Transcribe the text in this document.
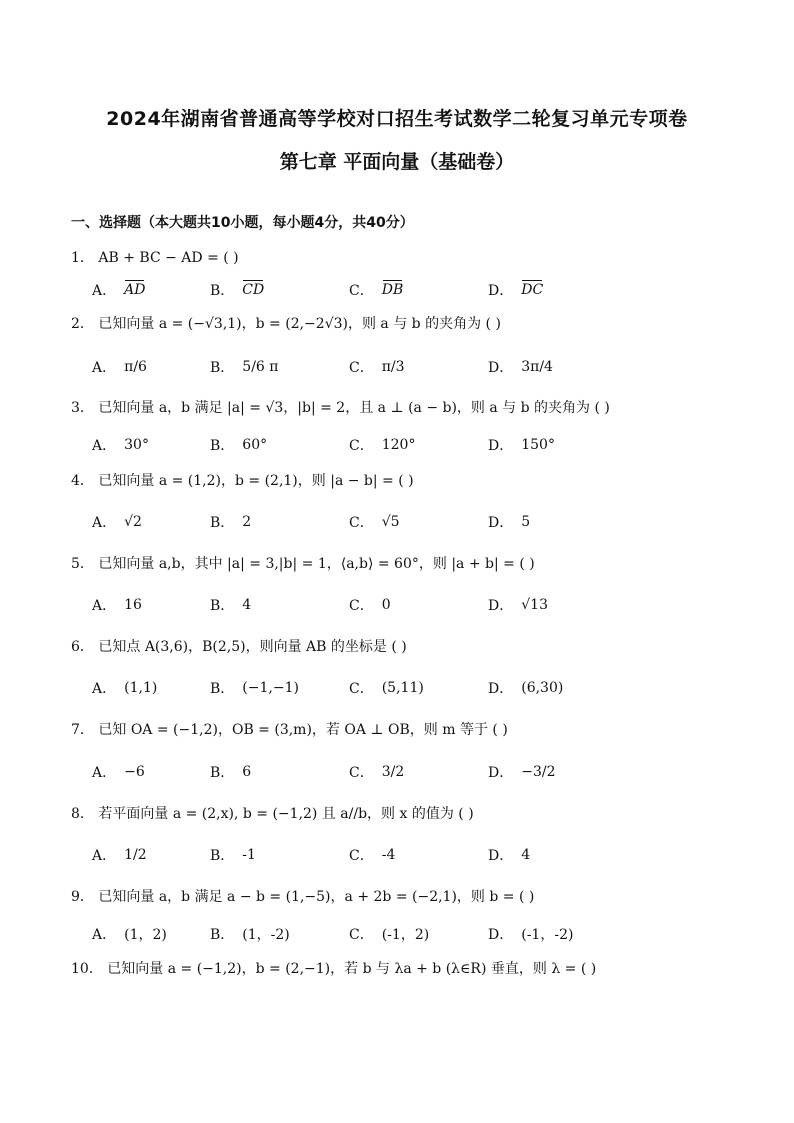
2024年湖南省普通高等学校对口招生考试数学二轮复习单元专项卷
第七章 平面向量（基础卷）
一、选择题（本大题共10小题，每小题4分，共40分）
1． AB + BC − AD = ( )
A． AD	B． CD	C． DB	D． DC
2． 已知向量 a = (−√3,1)，b = (2,−2√3)，则 a 与 b 的夹角为 ( )
A． π/6	B． 5/6 π	C． π/3	D． 3π/4
3． 已知向量 a，b 满足 |a| = √3，|b| = 2，且 a ⊥ (a − b)，则 a 与 b 的夹角为 ( )
A． 30°	B． 60°	C． 120°	D． 150°
4． 已知向量 a = (1,2)，b = (2,1)，则 |a − b| = ( )
A． √2	B． 2	C． √5	D． 5
5． 已知向量 a,b，其中 |a| = 3,|b| = 1，⟨a,b⟩ = 60°，则 |a + b| = ( )
A． 16	B． 4	C． 0	D． √13
6． 已知点 A(3,6)，B(2,5)，则向量 AB 的坐标是 ( )
A． (1,1)	B． (−1,−1)	C． (5,11)	D． (6,30)
7． 已知 OA = (−1,2)，OB = (3,m)，若 OA ⊥ OB，则 m 等于 ( )
A． −6	B． 6	C． 3/2	D． −3/2
8． 若平面向量 a = (2,x), b = (−1,2) 且 a//b，则 x 的值为 ( )
A． 1/2	B． -1	C． -4	D． 4
9． 已知向量 a，b 满足 a − b = (1,−5)，a + 2b = (−2,1)，则 b = ( )
A． (1，2)	B． (1，-2)	C． (-1，2)	D． (-1，-2)
10． 已知向量 a = (−1,2)，b = (2,−1)，若 b 与 λa + b (λ∈R) 垂直，则 λ = ( )
